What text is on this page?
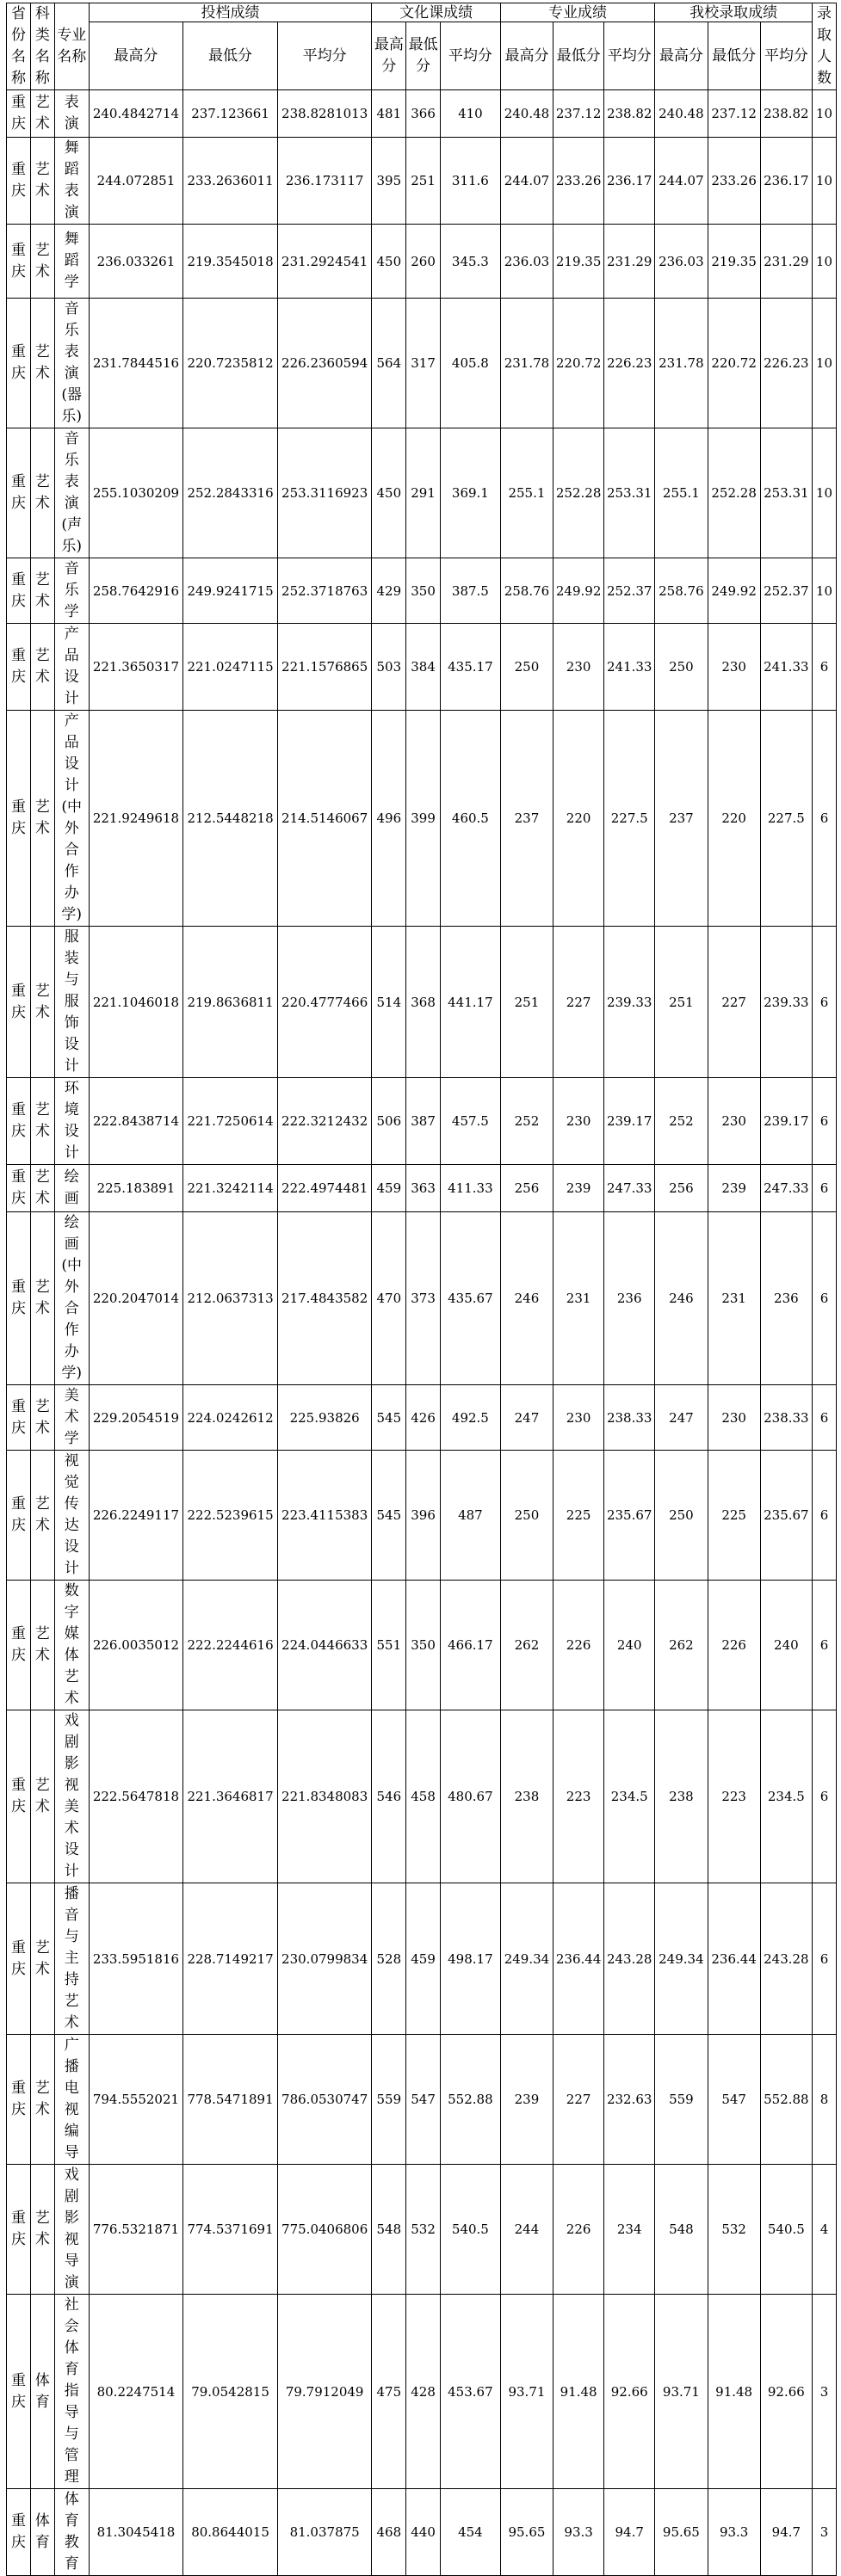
省份名称	科类名称	专业名称	投档成绩			文化课成绩			专业成绩			我校录取成绩			录取人数
			最高分	最低分	平均分	最高分	最低分	平均分	最高分	最低分	平均分	最高分	最低分	平均分	
重庆	艺术	表演	240.4842714	237.123661	238.8281013	481	366	410	240.48	237.12	238.82	240.48	237.12	238.82	10
重庆	艺术	舞蹈表演	244.072851	233.2636011	236.173117	395	251	311.6	244.07	233.26	236.17	244.07	233.26	236.17	10
重庆	艺术	舞蹈学	236.033261	219.3545018	231.2924541	450	260	345.3	236.03	219.35	231.29	236.03	219.35	231.29	10
重庆	艺术	音乐表演(器乐)	231.7844516	220.7235812	226.2360594	564	317	405.8	231.78	220.72	226.23	231.78	220.72	226.23	10
重庆	艺术	音乐表演(声乐)	255.1030209	252.2843316	253.3116923	450	291	369.1	255.1	252.28	253.31	255.1	252.28	253.31	10
重庆	艺术	音乐学	258.7642916	249.9241715	252.3718763	429	350	387.5	258.76	249.92	252.37	258.76	249.92	252.37	10
重庆	艺术	产品设计	221.3650317	221.0247115	221.1576865	503	384	435.17	250	230	241.33	250	230	241.33	6
重庆	艺术	产品设计(中外合作办学)	221.9249618	212.5448218	214.5146067	496	399	460.5	237	220	227.5	237	220	227.5	6
重庆	艺术	服装与服饰设计	221.1046018	219.8636811	220.4777466	514	368	441.17	251	227	239.33	251	227	239.33	6
重庆	艺术	环境设计	222.8438714	221.7250614	222.3212432	506	387	457.5	252	230	239.17	252	230	239.17	6
重庆	艺术	绘画	225.183891	221.3242114	222.4974481	459	363	411.33	256	239	247.33	256	239	247.33	6
重庆	艺术	绘画(中外合作办学)	220.2047014	212.0637313	217.4843582	470	373	435.67	246	231	236	246	231	236	6
重庆	艺术	美术学	229.2054519	224.0242612	225.93826	545	426	492.5	247	230	238.33	247	230	238.33	6
重庆	艺术	视觉传达设计	226.2249117	222.5239615	223.4115383	545	396	487	250	225	235.67	250	225	235.67	6
重庆	艺术	数字媒体艺术	226.0035012	222.2244616	224.0446633	551	350	466.17	262	226	240	262	226	240	6
重庆	艺术	戏剧影视美术设计	222.5647818	221.3646817	221.8348083	546	458	480.67	238	223	234.5	238	223	234.5	6
重庆	艺术	播音与主持艺术	233.5951816	228.7149217	230.0799834	528	459	498.17	249.34	236.44	243.28	249.34	236.44	243.28	6
重庆	艺术	广播电视编导	794.5552021	778.5471891	786.0530747	559	547	552.88	239	227	232.63	559	547	552.88	8
重庆	艺术	戏剧影视导演	776.5321871	774.5371691	775.0406806	548	532	540.5	244	226	234	548	532	540.5	4
重庆	体育	社会体育指导与管理	80.2247514	79.0542815	79.7912049	475	428	453.67	93.71	91.48	92.66	93.71	91.48	92.66	3
重庆	体育	体育教育	81.3045418	80.8644015	81.037875	468	440	454	95.65	93.3	94.7	95.65	93.3	94.7	3
